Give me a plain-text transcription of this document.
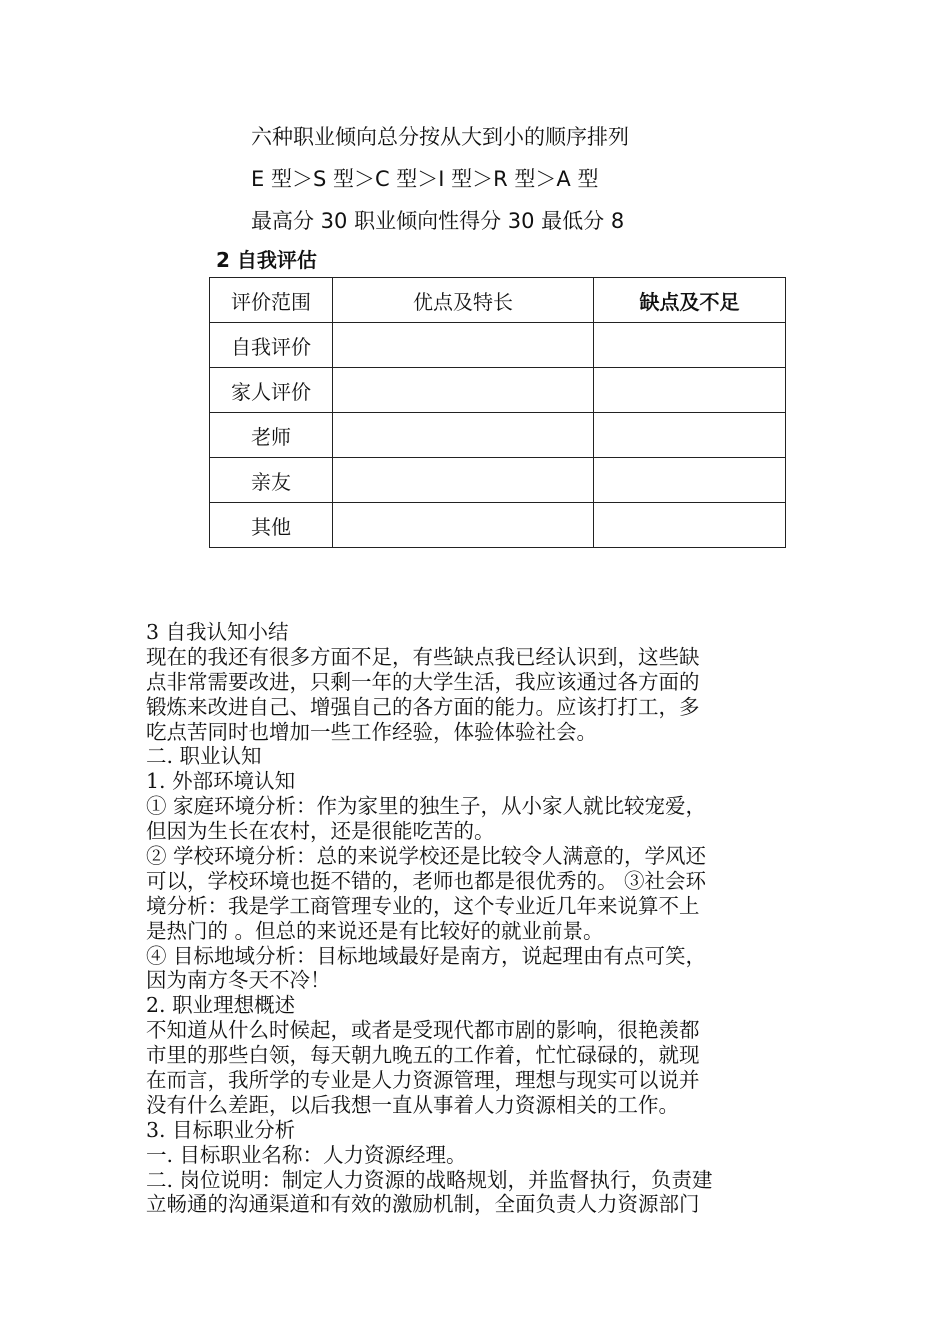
六种职业倾向总分按从大到小的顺序排列
E 型＞S 型＞C 型＞I 型＞R 型＞A 型
最高分 30 职业倾向性得分 30 最低分 8
2 自我评估
评价范围	优点及特长	缺点及不足
自我评价		
家人评价		
老师		
亲友		
其他		
3 自我认知小结
现在的我还有很多方面不足，有些缺点我已经认识到，这些缺
点非常需要改进，只剩一年的大学生活，我应该通过各方面的
锻炼来改进自己、增强自己的各方面的能力。应该打打工，多
吃点苦同时也增加一些工作经验，体验体验社会。
二. 职业认知
1. 外部环境认知
① 家庭环境分析：作为家里的独生子，从小家人就比较宠爱，
但因为生长在农村，还是很能吃苦的。
② 学校环境分析：总的来说学校还是比较令人满意的，学风还
可以，学校环境也挺不错的，老师也都是很优秀的。 ③社会环
境分析：我是学工商管理专业的，这个专业近几年来说算不上
是热门的 。但总的来说还是有比较好的就业前景。
④ 目标地域分析：目标地域最好是南方，说起理由有点可笑，
因为南方冬天不冷！
2. 职业理想概述
不知道从什么时候起，或者是受现代都市剧的影响，很艳羡都
市里的那些白领，每天朝九晚五的工作着，忙忙碌碌的，就现
在而言，我所学的专业是人力资源管理，理想与现实可以说并
没有什么差距，以后我想一直从事着人力资源相关的工作。
3. 目标职业分析
一. 目标职业名称：人力资源经理。
二. 岗位说明：制定人力资源的战略规划，并监督执行，负责建
立畅通的沟通渠道和有效的激励机制，全面负责人力资源部门
